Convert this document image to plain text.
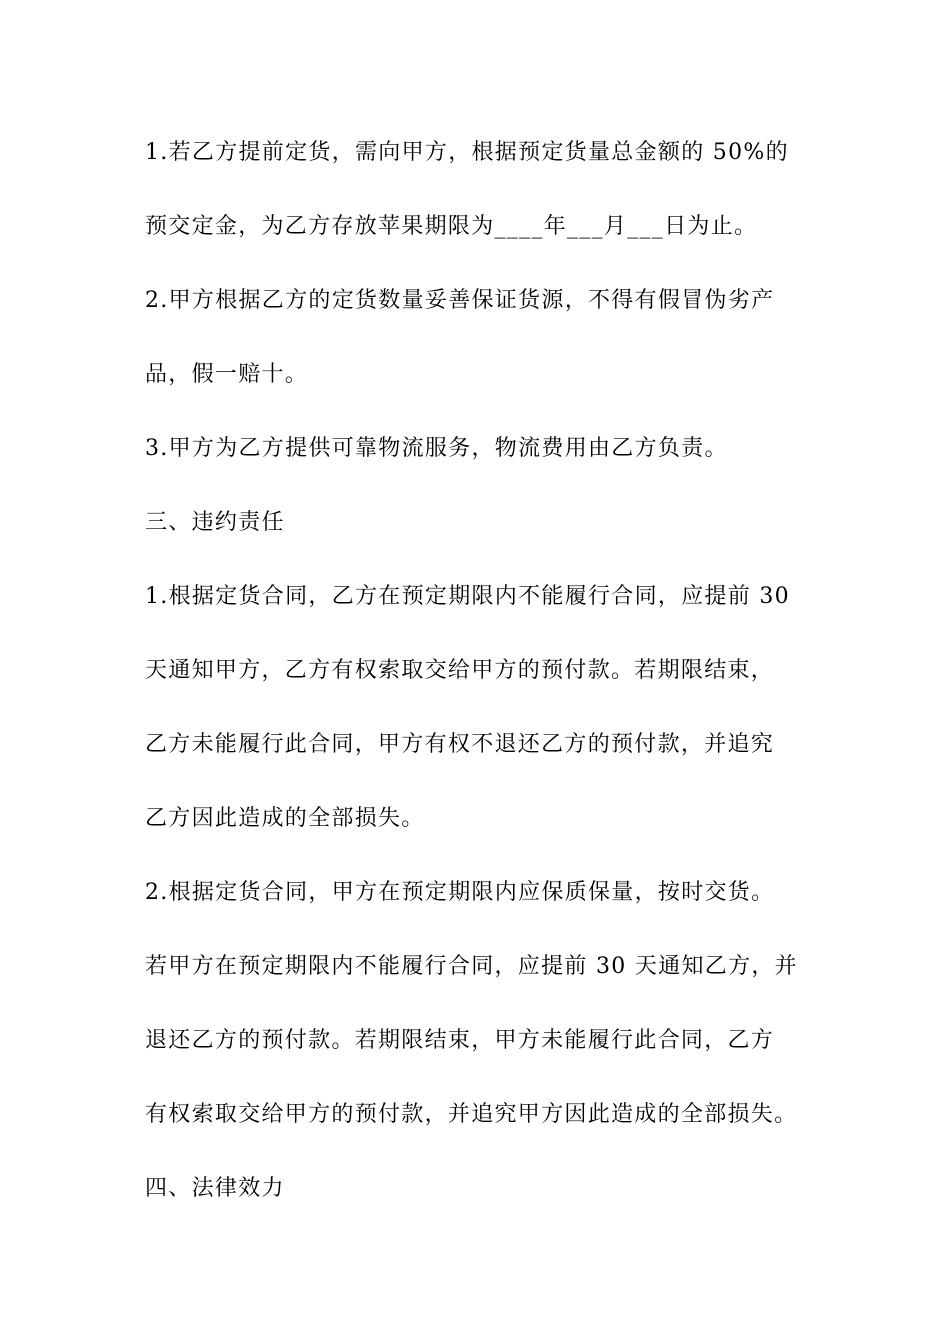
1.若乙方提前定货，需向甲方，根据预定货量总金额的 50%的
预交定金，为乙方存放苹果期限为____年___月___日为止。
2.甲方根据乙方的定货数量妥善保证货源，不得有假冒伪劣产
品，假一赔十。
3.甲方为乙方提供可靠物流服务，物流费用由乙方负责。
三、违约责任
1.根据定货合同，乙方在预定期限内不能履行合同，应提前 30
天通知甲方，乙方有权索取交给甲方的预付款。若期限结束，
乙方未能履行此合同，甲方有权不退还乙方的预付款，并追究
乙方因此造成的全部损失。
2.根据定货合同，甲方在预定期限内应保质保量，按时交货。
若甲方在预定期限内不能履行合同，应提前 30 天通知乙方，并
退还乙方的预付款。若期限结束，甲方未能履行此合同，乙方
有权索取交给甲方的预付款，并追究甲方因此造成的全部损失。
四、法律效力
